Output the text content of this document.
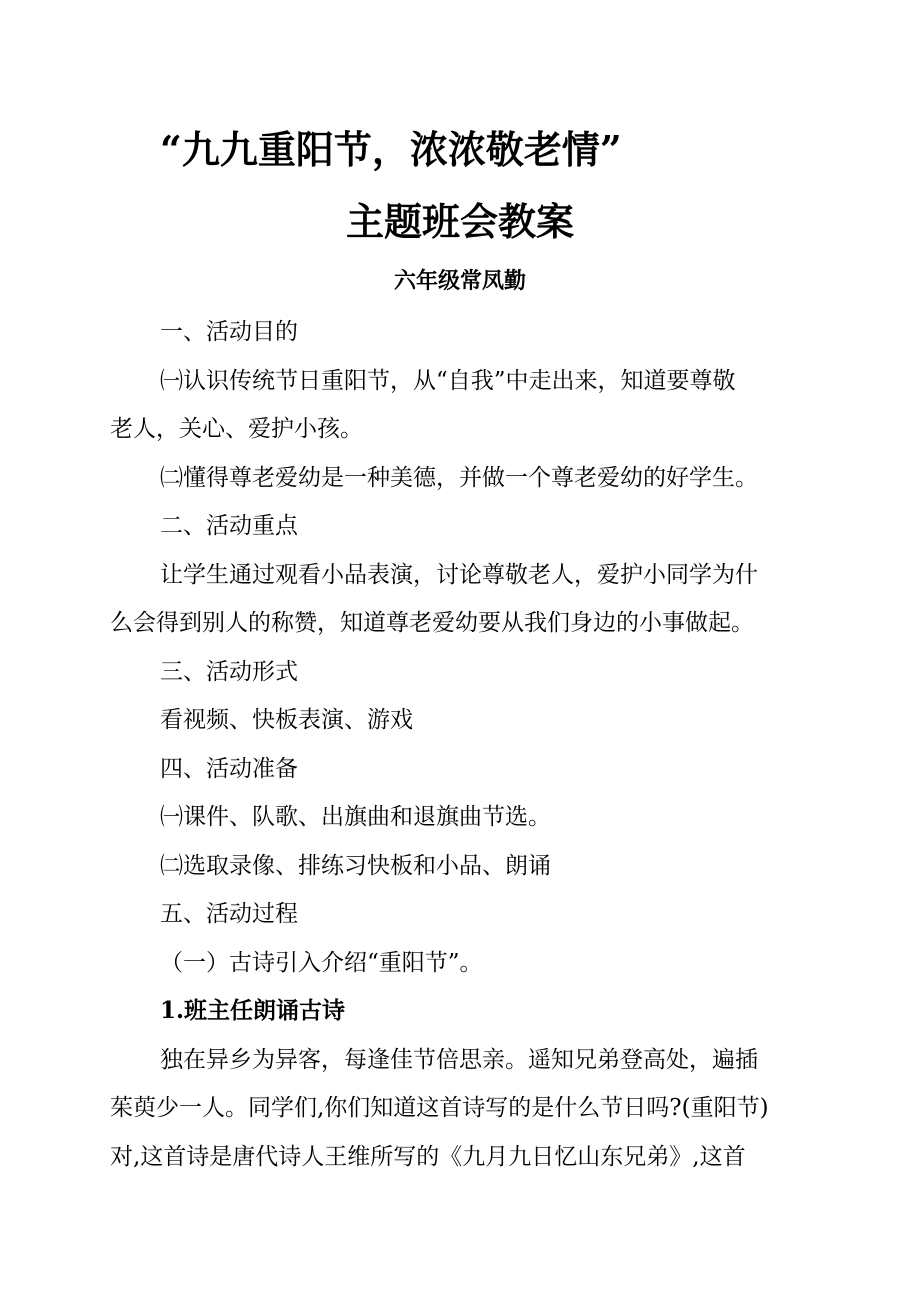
“九九重阳节，浓浓敬老情”
主题班会教案
六年级常凤勤
一、活动目的
㈠认识传统节日重阳节，从“自我”中走出来，知道要尊敬
老人，关心、爱护小孩。
㈡懂得尊老爱幼是一种美德，并做一个尊老爱幼的好学生。
二、活动重点
让学生通过观看小品表演，讨论尊敬老人，爱护小同学为什
么会得到别人的称赞，知道尊老爱幼要从我们身边的小事做起。
三、活动形式
看视频、快板表演、游戏
四、活动准备
㈠课件、队歌、出旗曲和退旗曲节选。
㈡选取录像、排练习快板和小品、朗诵
五、活动过程
（一）古诗引入介绍“重阳节”。
1.班主任朗诵古诗
独在异乡为异客，每逢佳节倍思亲。遥知兄弟登高处，遍插
茱萸少一人。同学们,你们知道这首诗写的是什么节日吗?(重阳节)
对,这首诗是唐代诗人王维所写的《九月九日忆山东兄弟》,这首
